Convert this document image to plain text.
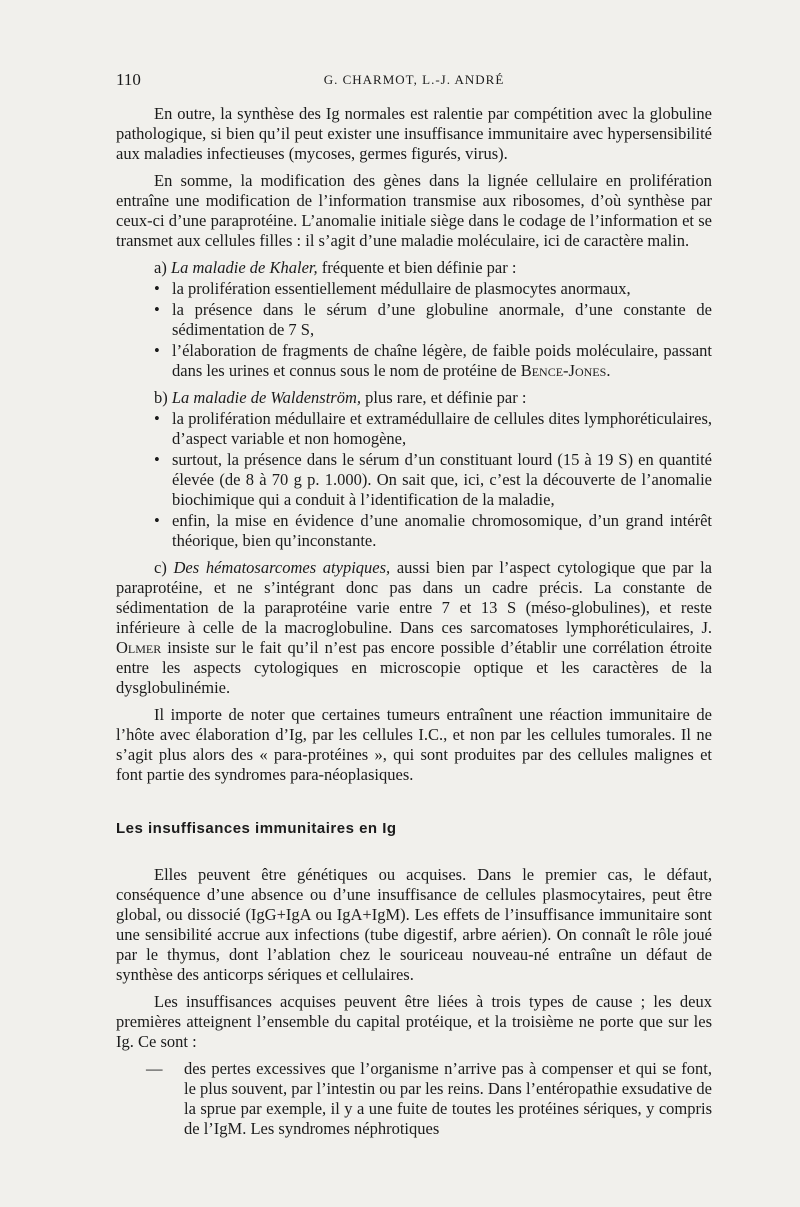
110	G. CHARMOT, L.-J. ANDRÉ

En outre, la synthèse des Ig normales est ralentie par compétition avec la globuline pathologique, si bien qu’il peut exister une insuffisance immunitaire avec hypersensibilité aux maladies infectieuses (mycoses, germes figurés, virus).

En somme, la modification des gènes dans la lignée cellulaire en prolifération entraîne une modification de l’information transmise aux ribosomes, d’où synthèse par ceux-ci d’une paraprotéine. L’anomalie initiale siège dans le codage de l’information et se transmet aux cellules filles : il s’agit d’une maladie moléculaire, ici de caractère malin.

a) La maladie de Khaler, fréquente et bien définie par :

• la prolifération essentiellement médullaire de plasmocytes anormaux,

• la présence dans le sérum d’une globuline anormale, d’une constante de sédimentation de 7 S,

• l’élaboration de fragments de chaîne légère, de faible poids moléculaire, passant dans les urines et connus sous le nom de protéine de Bence-Jones.

b) La maladie de Waldenström, plus rare, et définie par :

• la prolifération médullaire et extramédullaire de cellules dites lymphoréticulaires, d’aspect variable et non homogène,

• surtout, la présence dans le sérum d’un constituant lourd (15 à 19 S) en quantité élevée (de 8 à 70 g p. 1.000). On sait que, ici, c’est la découverte de l’anomalie biochimique qui a conduit à l’identification de la maladie,

• enfin, la mise en évidence d’une anomalie chromosomique, d’un grand intérêt théorique, bien qu’inconstante.

c) Des hématosarcomes atypiques, aussi bien par l’aspect cytologique que par la paraprotéine, et ne s’intégrant donc pas dans un cadre précis. La constante de sédimentation de la paraprotéine varie entre 7 et 13 S (méso-globulines), et reste inférieure à celle de la macroglobuline. Dans ces sarcomatoses lymphoréticulaires, J. Olmer insiste sur le fait qu’il n’est pas encore possible d’établir une corrélation étroite entre les aspects cytologiques en microscopie optique et les caractères de la dysglobulinémie.

Il importe de noter que certaines tumeurs entraînent une réaction immunitaire de l’hôte avec élaboration d’Ig, par les cellules I.C., et non par les cellules tumorales. Il ne s’agit plus alors des « para-protéines », qui sont produites par des cellules malignes et font partie des syndromes para-néoplasiques.

Les insuffisances immunitaires en Ig

Elles peuvent être génétiques ou acquises. Dans le premier cas, le défaut, conséquence d’une absence ou d’une insuffisance de cellules plasmocytaires, peut être global, ou dissocié (IgG+IgA ou IgA+IgM). Les effets de l’insuffisance immunitaire sont une sensibilité accrue aux infections (tube digestif, arbre aérien). On connaît le rôle joué par le thymus, dont l’ablation chez le souriceau nouveau-né entraîne un défaut de synthèse des anticorps sériques et cellulaires.

Les insuffisances acquises peuvent être liées à trois types de cause ; les deux premières atteignent l’ensemble du capital protéique, et la troisième ne porte que sur les Ig. Ce sont :

— des pertes excessives que l’organisme n’arrive pas à compenser et qui se font, le plus souvent, par l’intestin ou par les reins. Dans l’entéropathie exsudative de la sprue par exemple, il y a une fuite de toutes les protéines sériques, y compris de l’IgM. Les syndromes néphrotiques
